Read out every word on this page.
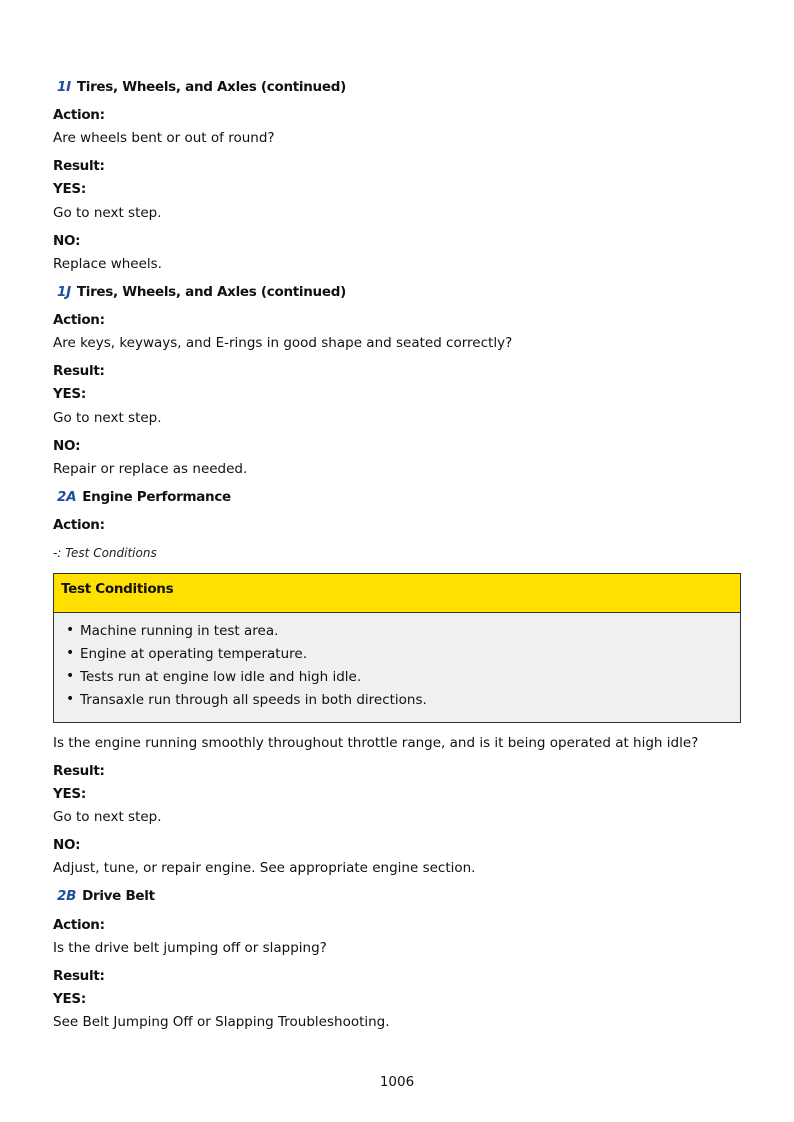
1I Tires, Wheels, and Axles (continued)
Action:
Are wheels bent or out of round?
Result:
YES:
Go to next step.
NO:
Replace wheels.
1J Tires, Wheels, and Axles (continued)
Action:
Are keys, keyways, and E-rings in good shape and seated correctly?
Result:
YES:
Go to next step.
NO:
Repair or replace as needed.
2A Engine Performance
Action:
-: Test Conditions
Test Conditions
• Machine running in test area.
• Engine at operating temperature.
• Tests run at engine low idle and high idle.
• Transaxle run through all speeds in both directions.
Is the engine running smoothly throughout throttle range, and is it being operated at high idle?
Result:
YES:
Go to next step.
NO:
Adjust, tune, or repair engine. See appropriate engine section.
2B Drive Belt
Action:
Is the drive belt jumping off or slapping?
Result:
YES:
See Belt Jumping Off or Slapping Troubleshooting.
1006
